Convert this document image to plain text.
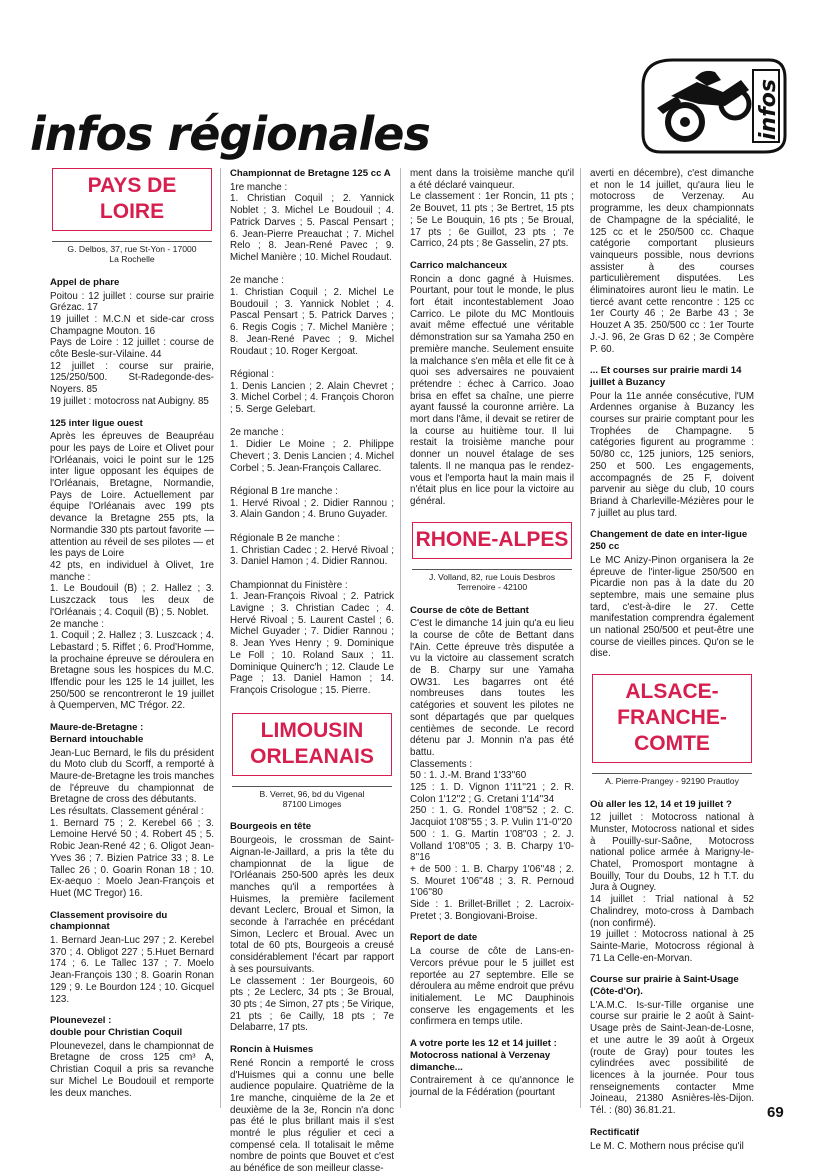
infos régionales	infos
PAYS DE LOIRE
G. Delbos, 37, rue St-Yon - 17000
La Rochelle
Appel de phare

Poitou : 12 juillet : course sur prairie Grézac. 17
19 juillet : M.C.N et side-car cross Champagne Mouton. 16
Pays de Loire : 12 juillet : course de côte Besle-sur-Vilaine. 44
12 juillet : course sur prairie, 125/250/500. St-Radegonde-des-Noyers. 85
19 juillet : motocross nat Aubigny. 85

125 inter ligue ouest

Après les épreuves de Beaupréau pour les pays de Loire et Olivet pour l'Orléanais, voici le point sur le 125 inter ligue opposant les équipes de l'Orléanais, Bretagne, Normandie, Pays de Loire. Actuellement par équipe l'Orléanais avec 199 pts devance la Bretagne 255 pts, la Normandie 330 pts partout favorite — attention au réveil de ses pilotes — et les pays de Loire
42 pts, en individuel à Olivet, 1re manche :
1. Le Boudouil (B) ; 2. Hallez ; 3. Luszczack tous les deux de l'Orléanais ; 4. Coquil (B) ; 5. Noblet.
2e manche :
1. Coquil ; 2. Hallez ; 3. Luszcack ; 4. Lebastard ; 5. Riffet ; 6. Prod'Homme, la prochaine épreuve se déroulera en Bretagne sous les hospices du M.C. Iffendic pour les 125 le 14 juillet, les 250/500 se rencontreront le 19 juillet à Quemperven, MC Trégor. 22.

Maure-de-Bretagne :
Bernard intouchable

Jean-Luc Bernard, le fils du président du Moto club du Scorff, a remporté à Maure-de-Bretagne les trois manches de l'épreuve du championnat de Bretagne de cross des débutants.
Les résultats. Classement général :
1. Bernard 75 ; 2. Kerebel 66 ; 3. Lemoine Hervé 50 ; 4. Robert 45 ; 5. Robic Jean-René 42 ; 6. Oligot Jean-Yves 36 ; 7. Bizien Patrice 33 ; 8. Le Tallec 26 ; 0. Goarin Ronan 18 ; 10. Ex-aequo : Moelo Jean-François et Huet (MC Tregor) 16.

Classement provisoire du championnat

1. Bernard Jean-Luc 297 ; 2. Kerebel 370 ; 4. Obligot 227 ; 5.Huet Bernard 174 ; 6. Le Tallec 137 ; 7. Moelo Jean-François 130 ; 8. Goarin Ronan 129 ; 9. Le Bourdon 124 ; 10. Gicquel 123.

Plounevezel :
double pour Christian Coquil

Plounevezel, dans le championnat de Bretagne de cross 125 cm³ A, Christian Coquil a pris sa revanche sur Michel Le Boudouil et remporte les deux manches.

Championnat de Bretagne 125 cc A

1re manche :
1. Christian Coquil ; 2. Yannick Noblet ; 3. Michel Le Boudouil ; 4. Patrick Darves ; 5. Pascal Pensart ; 6. Jean-Pierre Preauchat ; 7. Michel Relo ; 8. Jean-René Pavec ; 9. Michel Manière ; 10. Michel Roudaut.

2e manche :
1. Christian Coquil ; 2. Michel Le Boudouil ; 3. Yannick Noblet ; 4. Pascal Pensart ; 5. Patrick Darves ; 6. Regis Cogis ; 7. Michel Manière ; 8. Jean-René Pavec ; 9. Michel Roudaut ; 10. Roger Kergoat.

Régional :
1. Denis Lancien ; 2. Alain Chevret ; 3. Michel Corbel ; 4. François Choron ; 5. Serge Gelebart.

2e manche :
1. Didier Le Moine ; 2. Philippe Chevert ; 3. Denis Lancien ; 4. Michel Corbel ; 5. Jean-François Callarec.

Régional B 1re manche :
1. Hervé Rivoal ; 2. Didier Rannou ; 3. Alain Gandon ; 4. Bruno Guyader.

Régionale B 2e manche :
1. Christian Cadec ; 2. Hervé Rivoal ; 3. Daniel Hamon ; 4. Didier Rannou.

Championnat du Finistère :
1. Jean-François Rivoal ; 2. Patrick Lavigne ; 3. Christian Cadec ; 4. Hervé Rivoal ; 5. Laurent Castel ; 6. Michel Guyader ; 7. Didier Rannou ; 8. Jean Yves Henry ; 9. Dominique Le Foll ; 10. Roland Saux ; 11. Dominique Quinerc'h ; 12. Claude Le Page ; 13. Daniel Hamon ; 14. François Crisologue ; 15. Pierre.

LIMOUSIN ORLEANAIS
B. Verret, 96, bd du Vigenal
87100 Limoges
Bourgeois en tête

Bourgeois, le crossman de Saint-Aignan-le-Jaillard, a pris la tête du championnat de la ligue de l'Orléanais 250-500 après les deux manches qu'il a remportées à Huismes, la première facilement devant Leclerc, Broual et Simon, la seconde à l'arrachée en précédant Simon, Leclerc et Broual. Avec un total de 60 pts, Bourgeois a creusé considérablement l'écart par rapport à ses poursuivants.
Le classement : 1er Bourgeois, 60 pts ; 2e Leclerc, 34 pts ; 3e Broual, 30 pts ; 4e Simon, 27 pts ; 5e Virique, 21 pts ; 6e Cailly, 18 pts ; 7e Delabarre, 17 pts.

Roncin à Huismes

René Roncin a remporté le cross d'Huismes qui a connu une belle audience populaire. Quatrième de la 1re manche, cinquième de la 2e et deuxième de la 3e, Roncin n'a donc pas été le plus brillant mais il s'est montré le plus régulier et ceci a compensé cela. Il totalisait le même nombre de points que Bouvet et c'est au bénéfice de son meilleur classe-

ment dans la troisième manche qu'il a été déclaré vainqueur.
Le classement : 1er Roncin, 11 pts ; 2e Bouvet, 11 pts ; 3e Bertret, 15 pts ; 5e Le Bouquin, 16 pts ; 5e Broual, 17 pts ; 6e Guillot, 23 pts ; 7e Carrico, 24 pts ; 8e Gasselin, 27 pts.

Carrico malchanceux

Roncin a donc gagné à Huismes. Pourtant, pour tout le monde, le plus fort était incontestablement Joao Carrico. Le pilote du MC Montlouis avait même effectué une véritable démonstration sur sa Yamaha 250 en première manche. Seulement ensuite la malchance s'en mêla et elle fit ce à quoi ses adversaires ne pouvaient prétendre : échec à Carrico. Joao brisa en effet sa chaîne, une pierre ayant faussé la couronne arrière. La mort dans l'âme, il devait se retirer de la course au huitième tour. Il lui restait la troisième manche pour donner un nouvel étalage de ses talents. Il ne manqua pas le rendez-vous et l'emporta haut la main mais il n'était plus en lice pour la victoire au général.

RHONE-ALPES
J. Volland, 82, rue Louis Desbros
Terrenoire - 42100
Course de côte de Bettant

C'est le dimanche 14 juin qu'a eu lieu la course de côte de Bettant dans l'Ain. Cette épreuve très disputée a vu la victoire au classement scratch de B. Charpy sur une Yamaha OW31. Les bagarres ont été nombreuses dans toutes les catégories et souvent les pilotes ne sont départagés que par quelques centièmes de seconde. Le record détenu par J. Monnin n'a pas été battu.
Classements :
50 : 1. J.-M. Brand 1'33''60
125 : 1. D. Vignon 1'11''21 ; 2. R. Colon 1'12''2 ; G. Cretani 1'14''34
250 : 1. G. Rondel 1'08''52 ; 2. C. Jacquiot 1'08''55 ; 3. P. Vulin 1'1-0''20
500 : 1. G. Martin 1'08''03 ; 2. J. Volland 1'08''05 ; 3. B. Charpy 1'0-8''16
+ de 500 : 1. B. Charpy 1'06''48 ; 2. S. Mouret 1'06''48 ; 3. R. Pernoud 1'06''80
Side : 1. Brillet-Brillet ; 2. Lacroix-Pretet ; 3. Bongiovani-Broise.

Report de date

La course de côte de Lans-en-Vercors prévue pour le 5 juillet est reportée au 27 septembre. Elle se déroulera au même endroit que prévu initialement. Le MC Dauphinois conserve les engagements et les confirmera en temps utile.

A votre porte les 12 et 14 juillet :
Motocross national à Verzenay
dimanche...

Contrairement à ce qu'annonce le journal de la Fédération (pourtant

averti en décembre), c'est dimanche et non le 14 juillet, qu'aura lieu le motocross de Verzenay. Au programme, les deux championnats de Champagne de la spécialité, le 125 cc et le 250/500 cc. Chaque catégorie comportant plusieurs vainqueurs possible, nous devrions assister à des courses particulièrement disputées. Les éliminatoires auront lieu le matin. Le tiercé avant cette rencontre : 125 cc 1er Courty 46 ; 2e Barbe 43 ; 3e Houzet A 35. 250/500 cc : 1er Tourte J.-J. 96, 2e Gras D 62 ; 3e Compère P. 60.

... Et courses sur prairie mardi 14 juillet à Buzancy

Pour la 11e année consécutive, l'UM Ardennes organise à Buzancy les courses sur prairie comptant pour les Trophées de Champagne. 5 catégories figurent au programme : 50/80 cc, 125 juniors, 125 seniors, 250 et 500. Les engagements, accompagnés de 25 F, doivent parvenir au siège du club, 10 cours Briand à Charleville-Mézières pour le 7 juillet au plus tard.

Changement de date en inter-ligue 250 cc

Le MC Anizy-Pinon organisera la 2e épreuve de l'inter-ligue 250/500 en Picardie non pas à la date du 20 septembre, mais une semaine plus tard, c'est-à-dire le 27. Cette manifestation comprendra également un national 250/500 et peut-être une course de vieilles pinces. Qu'on se le dise.

ALSACE-FRANCHE-COMTE
A. Pierre-Prangey - 92190 Prautloy
Où aller les 12, 14 et 19 juillet ?

12 juillet : Motocross national à Munster, Motocross national et sides à Pouilly-sur-Saône, Motocross national police armée à Marigny-le-Chatel, Promosport montagne à Bouilly, Tour du Doubs, 12 h T.T. du Jura à Ougney.
14 juillet : Trial national à 52 Chalindrey, moto-cross à Dambach (non confirmé).
19 juillet : Motocross national à 25 Sainte-Marie, Motocross régional à 71 La Celle-en-Morvan.

Course sur prairie à Saint-Usage (Côte-d'Or).

L'A.M.C. Is-sur-Tille organise une course sur prairie le 2 août à Saint-Usage près de Saint-Jean-de-Losne, et une autre le 39 août à Orgeux (route de Gray) pour toutes les cylindrées avec possibilité de licences à la journée. Pour tous renseignements contacter Mme Joineau, 21380 Asnières-lès-Dijon. Tél. : (80) 36.81.21.

Rectificatif

Le M. C. Mothern nous précise qu'il

69
